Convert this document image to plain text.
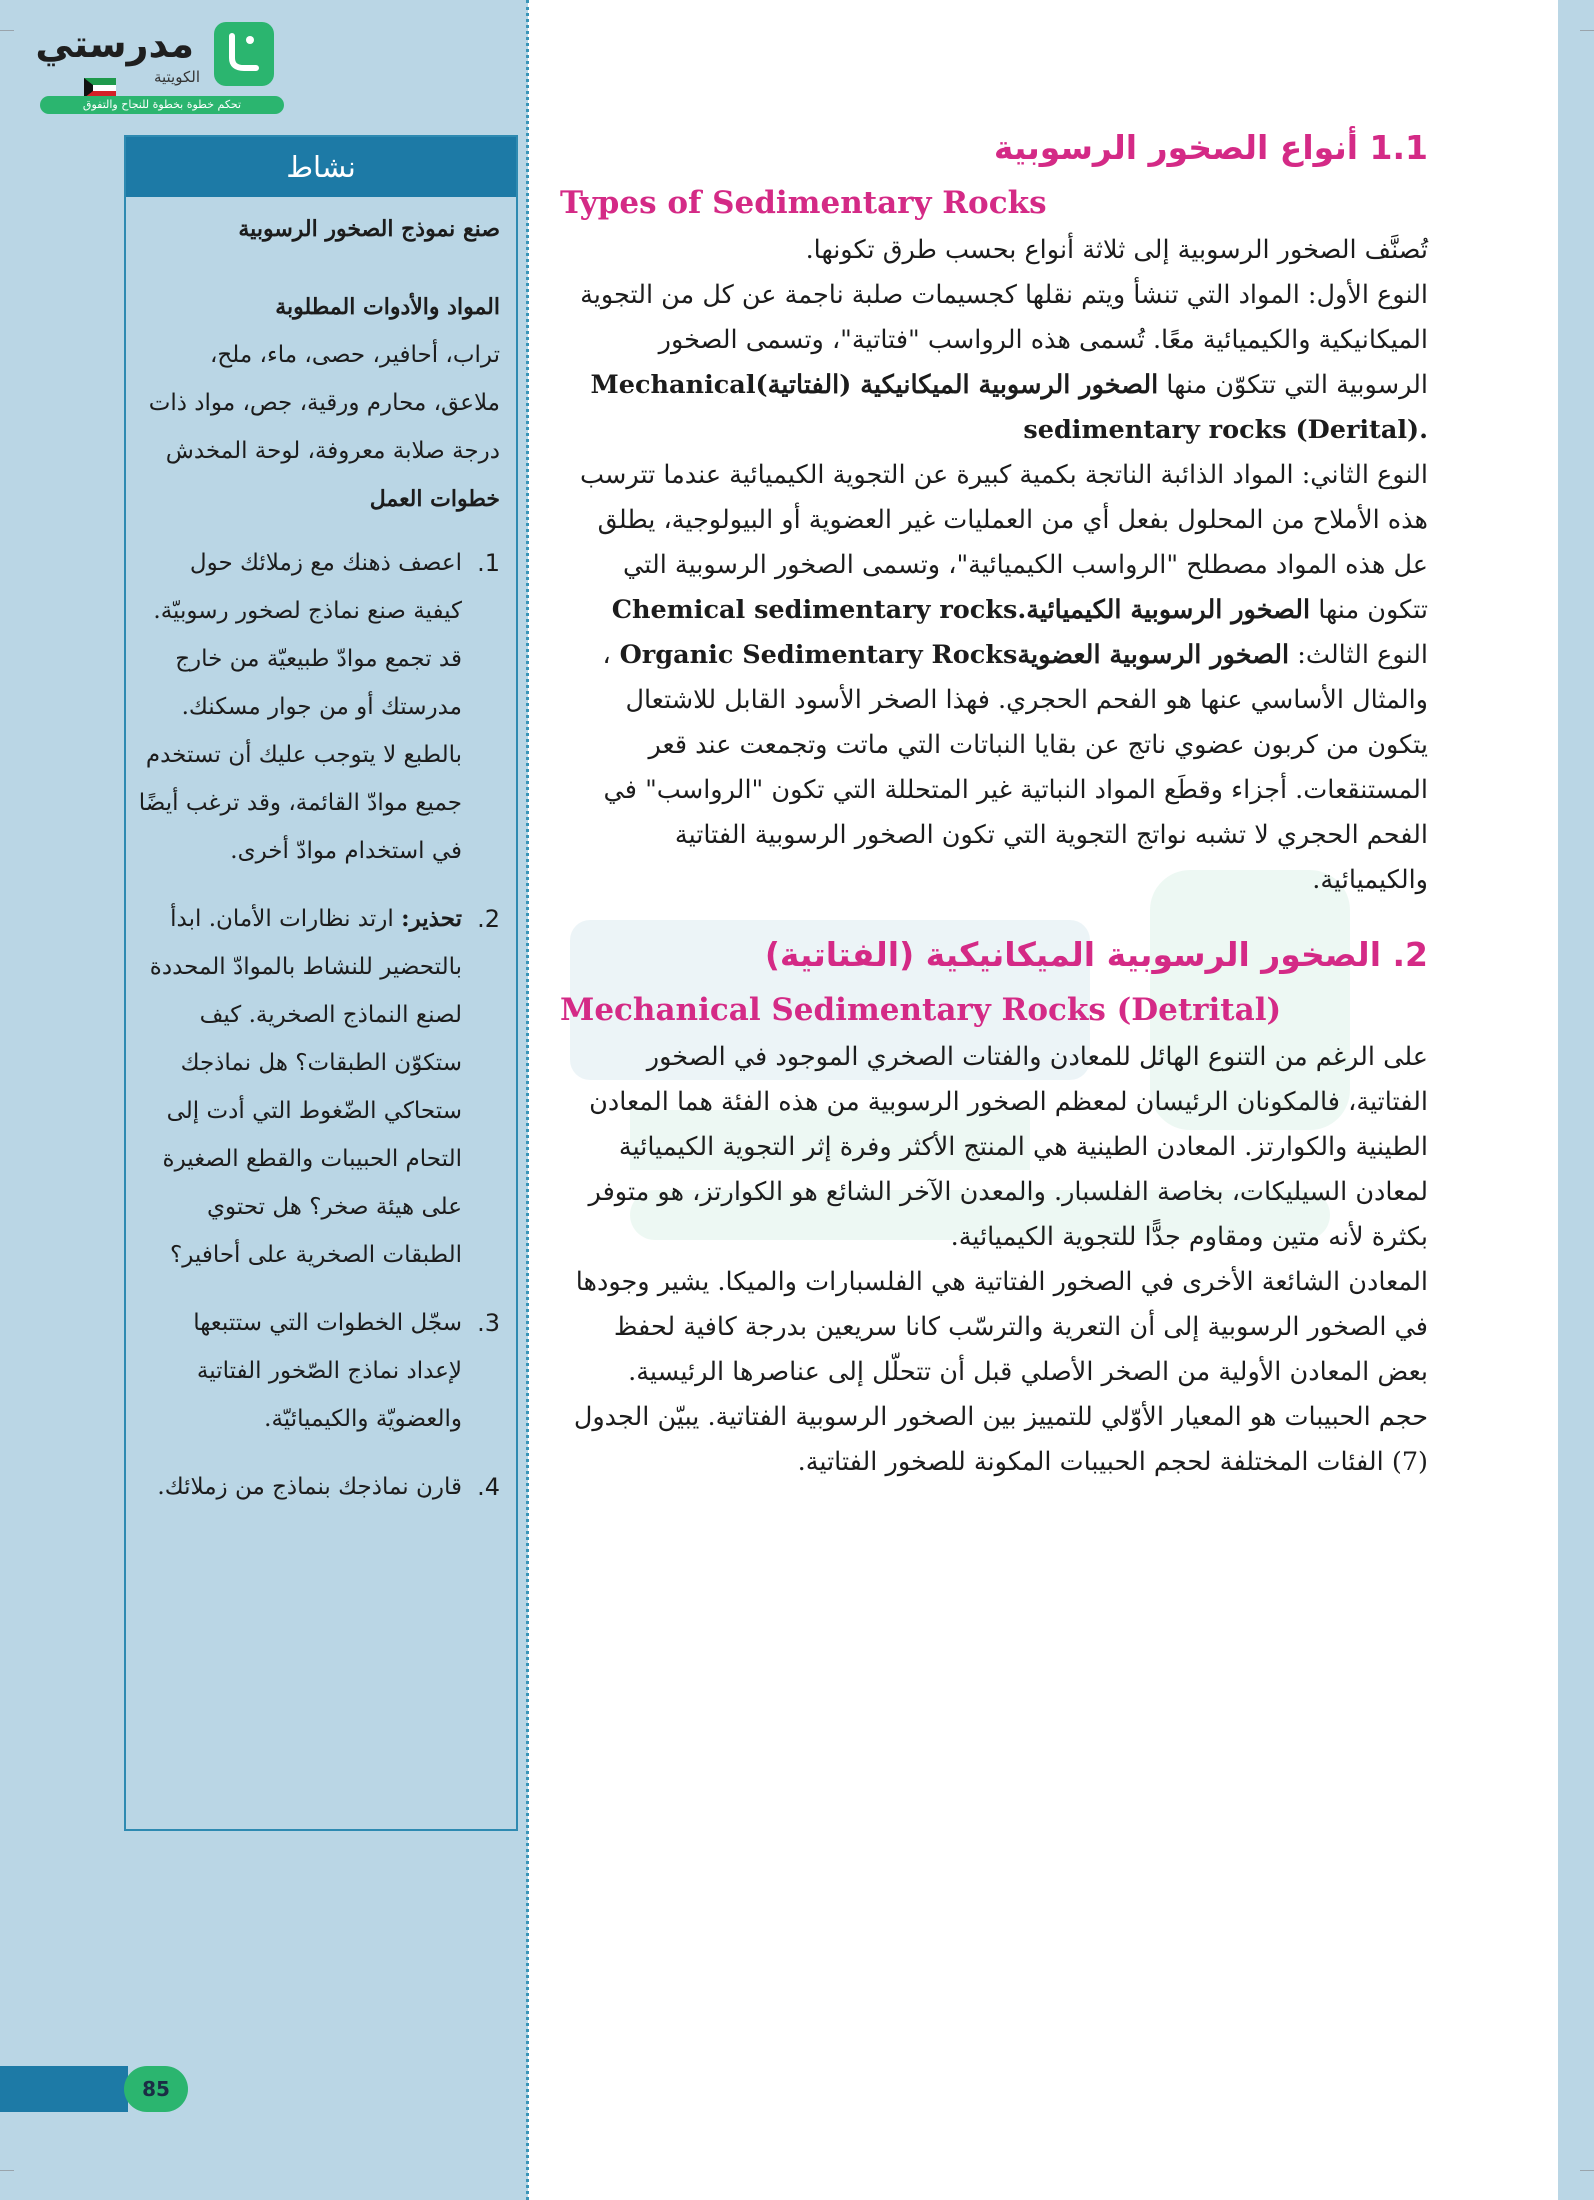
مدرستي
الكويتية
تحكم خطوة بخطوة للنجاح والتفوق
نشاط

صنع نموذج الصخور الرسوبية

المواد والأدوات المطلوبة

تراب، أحافير، حصى، ماء، ملح، ملاعق، محارم ورقية، جص، مواد ذات درجة صلابة معروفة، لوحة المخدش

خطوات العمل

1.
اعصف ذهنك مع زملائك حول كيفية صنع نماذج لصخور رسوبيّة. قد تجمع موادّ طبيعيّة من خارج مدرستك أو من جوار مسكنك. بالطبع لا يتوجب عليك أن تستخدم جميع موادّ القائمة، وقد ترغب أيضًا في استخدام موادّ أخرى.
2.
تحذير: ارتد نظارات الأمان. ابدأ بالتحضير للنشاط بالموادّ المحددة لصنع النماذج الصخرية. كيف ستكوّن الطبقات؟ هل نماذجك ستحاكي الضّغوط التي أدت إلى التحام الحبيبات والقطع الصغيرة على هيئة صخر؟ هل تحتوي الطبقات الصخرية على أحافير؟
3.
سجّل الخطوات التي ستتبعها لإعداد نماذج الصّخور الفتاتية والعضويّة والكيميائيّة.
4.
قارن نماذجك بنماذج من زملائك.
85

1.1 أنواع الصخور الرسوبية

Types of Sedimentary Rocks

تُصنَّف الصخور الرسوبية إلى ثلاثة أنواع بحسب طرق تكونها.

النوع الأول: المواد التي تنشأ ويتم نقلها كجسيمات صلبة ناجمة عن كل من التجوية الميكانيكية والكيميائية معًا. تُسمى هذه الرواسب "فتاتية"، وتسمى الصخور الرسوبية التي تتكوّن منها الصخور الرسوبية الميكانيكية (الفتاتية) Mechanical sedimentary rocks (Derital).

النوع الثاني: المواد الذائبة الناتجة بكمية كبيرة عن التجوية الكيميائية عندما تترسب هذه الأملاح من المحلول بفعل أي من العمليات غير العضوية أو البيولوجية، يطلق عل هذه المواد مصطلح "الرواسب الكيميائية"، وتسمى الصخور الرسوبية التي تتكون منها الصخور الرسوبية الكيميائية Chemical sedimentary rocks.

النوع الثالث: الصخور الرسوبية العضوية Organic Sedimentary Rocks، والمثال الأساسي عنها هو الفحم الحجري. فهذا الصخر الأسود القابل للاشتعال يتكون من كربون عضوي ناتج عن بقايا النباتات التي ماتت وتجمعت عند قعر المستنقعات. أجزاء وقطَع المواد النباتية غير المتحللة التي تكون "الرواسب" في الفحم الحجري لا تشبه نواتج التجوية التي تكون الصخور الرسوبية الفتاتية والكيميائية.

2. الصخور الرسوبية الميكانيكية (الفتاتية)

Mechanical Sedimentary Rocks (Detrital)

على الرغم من التنوع الهائل للمعادن والفتات الصخري الموجود في الصخور الفتاتية، فالمكونان الرئيسان لمعظم الصخور الرسوبية من هذه الفئة هما المعادن الطينية والكوارتز. المعادن الطينية هي المنتج الأكثر وفرة إثر التجوية الكيميائية لمعادن السيليكات، بخاصة الفلسبار. والمعدن الآخر الشائع هو الكوارتز، هو متوفر بكثرة لأنه متين ومقاوم جدًّا للتجوية الكيميائية.

المعادن الشائعة الأخرى في الصخور الفتاتية هي الفلسبارات والميكا. يشير وجودها في الصخور الرسوبية إلى أن التعرية والترسّب كانا سريعين بدرجة كافية لحفظ بعض المعادن الأولية من الصخر الأصلي قبل أن تتحلّل إلى عناصرها الرئيسية.

حجم الحبيبات هو المعيار الأوّلي للتمييز بين الصخور الرسوبية الفتاتية. يبيّن الجدول (7) الفئات المختلفة لحجم الحبيبات المكونة للصخور الفتاتية.
